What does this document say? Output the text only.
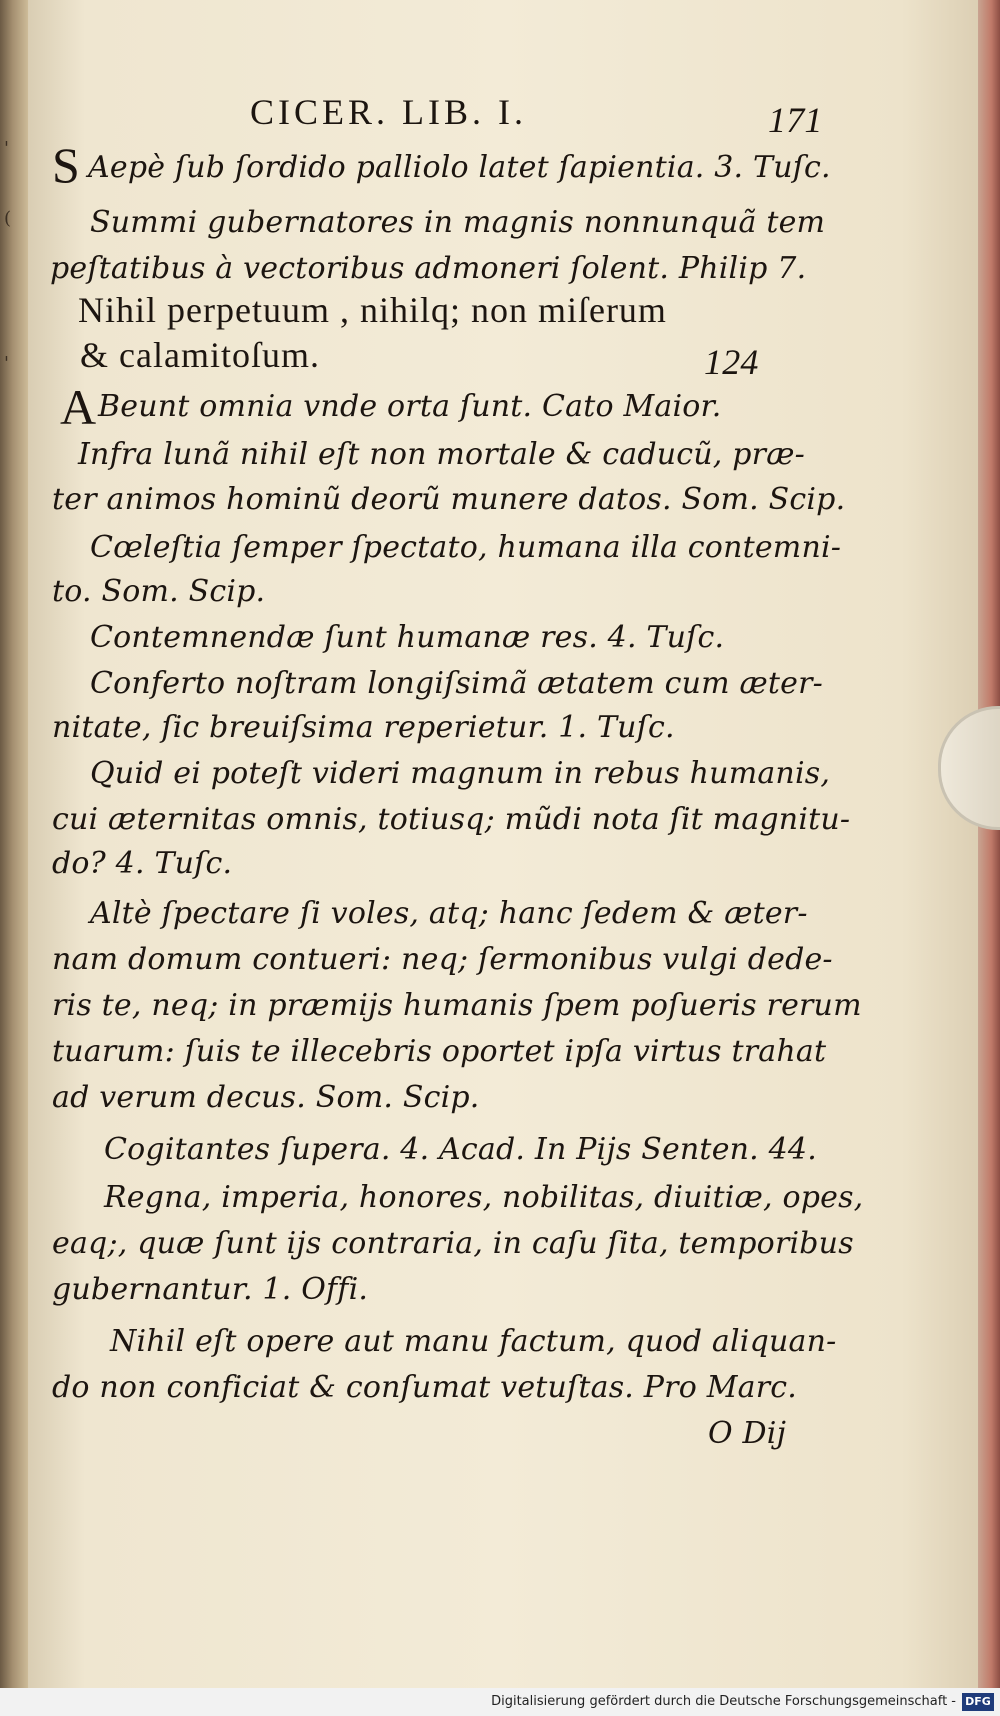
'
(
'
CICER. LIB. I.	171
S Aepè ſub ſordido palliolo latet ſapientia. 3. Tuſc.
Summi gubernatores in magnis nonnunquã tem
peſtatibus à vectoribus admoneri ſolent. Philip 7.
Nihil perpetuum , nihilq; non miſerum
& calamitoſum.	124
A Beunt omnia vnde orta ſunt. Cato Maior.
Infra lunã nihil eſt non mortale & caducũ, præ-
ter animos hominũ deorũ munere datos. Som. Scip.
Cœleſtia ſemper ſpectato, humana illa contemni-
to. Som. Scip.
Contemnendæ ſunt humanæ res. 4. Tuſc.
Conferto noſtram longiſsimã ætatem cum æter-
nitate, ſic breuiſsima reperietur. 1. Tuſc.
Quid ei poteſt videri magnum in rebus humanis,
cui æternitas omnis, totiusq; mũdi nota ſit magnitu-
do? 4. Tuſc.
Altè ſpectare ſi voles, atq; hanc ſedem & æter-
nam domum contueri: neq; ſermonibus vulgi dede-
ris te, neq; in præmijs humanis ſpem poſueris rerum
tuarum: ſuis te illecebris oportet ipſa virtus trahat
ad verum decus. Som. Scip.
Cogitantes ſupera. 4. Acad. In Pijs Senten. 44.
Regna, imperia, honores, nobilitas, diuitiæ, opes,
eaq;, quæ ſunt ijs contraria, in caſu ſita, temporibus
gubernantur. 1. Offi.
Nihil eſt opere aut manu factum, quod aliquan-
do non conficiat & conſumat vetuſtas. Pro Marc.
O Dij
Digitalisierung gefördert durch die Deutsche Forschungsgemeinschaft - DFG
